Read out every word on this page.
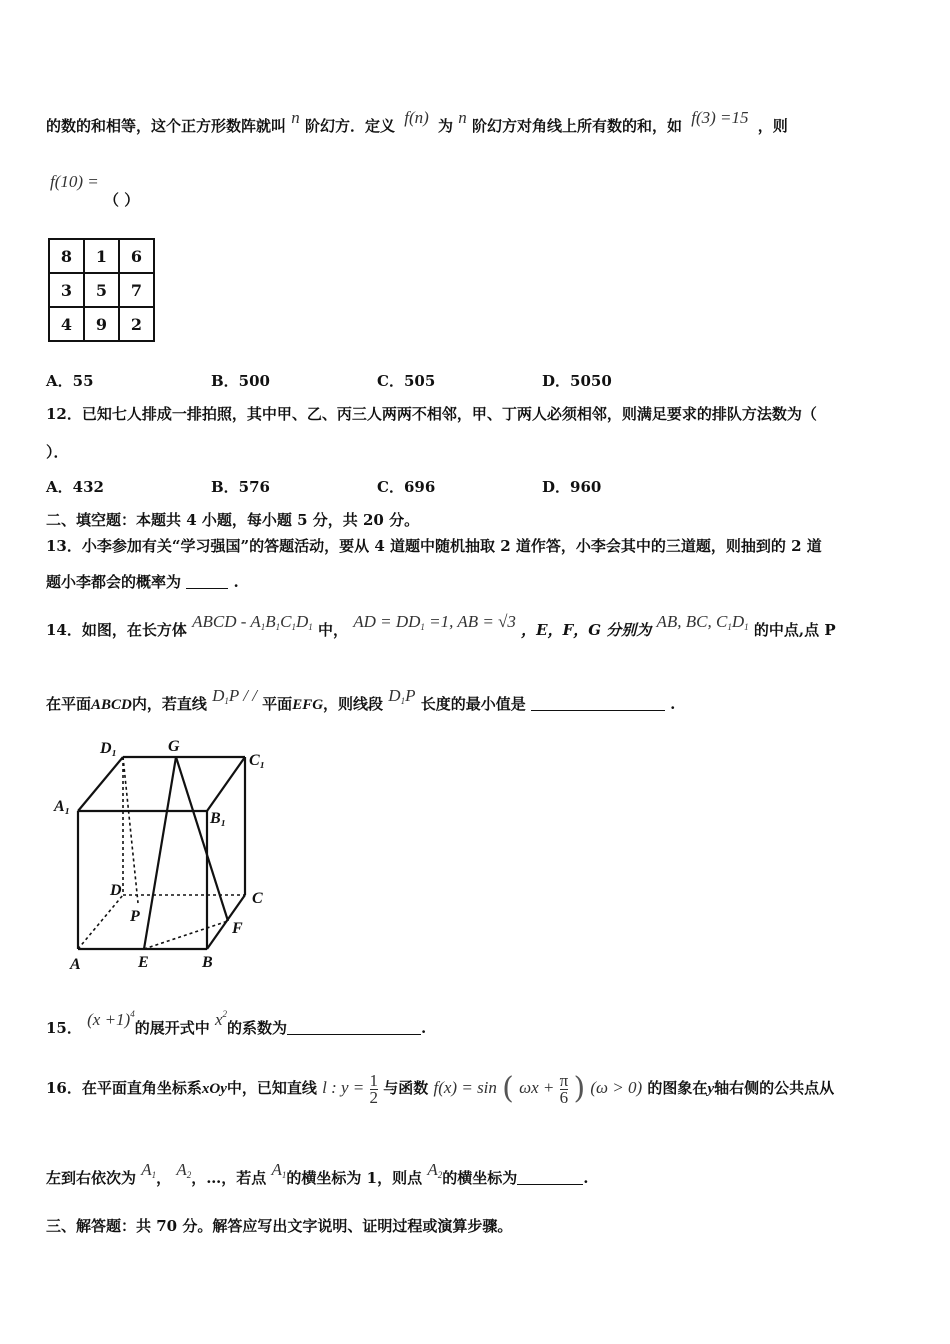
的数的和相等，这个正方形数阵就叫 n 阶幻方．定义 f(n) 为 n 阶幻方对角线上所有数的和，如 f(3) =15 ，则
f(10) =
（ ）
8	1	6
3	5	7
4	9	2
A．55	B．500	C．505	D．5050
12．已知七人排成一排拍照，其中甲、乙、丙三人两两不相邻，甲、丁两人必须相邻，则满足要求的排队方法数为（
）．
A．432	B．576	C．696	D．960
二、填空题：本题共 4 小题，每小题 5 分，共 20 分。
13．小李参加有关“学习强国”的答题活动，要从 4 道题中随机抽取 2 道作答，小李会其中的三道题，则抽到的 2 道
题小李都会的概率为	.
14．如图，在长方体 ABCD - $A_1B_1C_1D_1$ 中， AD = $DD_1 =1$, AB = √3 ，E，F，G 分别为 AB, BC, $C_1D_1$ 的中点,点 P
在平面ABCD内，若直线 $D_1P$ / / 平面EFG，则线段 $D_1P$ 长度的最小值是	.
D₁	G
C₁
A₁
B₁
D	C
P
F
A	E	B
15． $(x +1)^4$的展开式中 $x^2$的系数为	.
16．在平面直角坐标系xOy中，已知直线 l : $y = \frac{1}{2}$ 与函数 f(x) = sin ( $\omega x + \frac{\pi}{6}$ ) (ω > 0) 的图象在y轴右侧的公共点从
左到右依次为 $A_1$， $A_2$，…，若点 $A_1$的横坐标为 1，则点 $A_2$的横坐标为	.
三、解答题：共 70 分。解答应写出文字说明、证明过程或演算步骤。
